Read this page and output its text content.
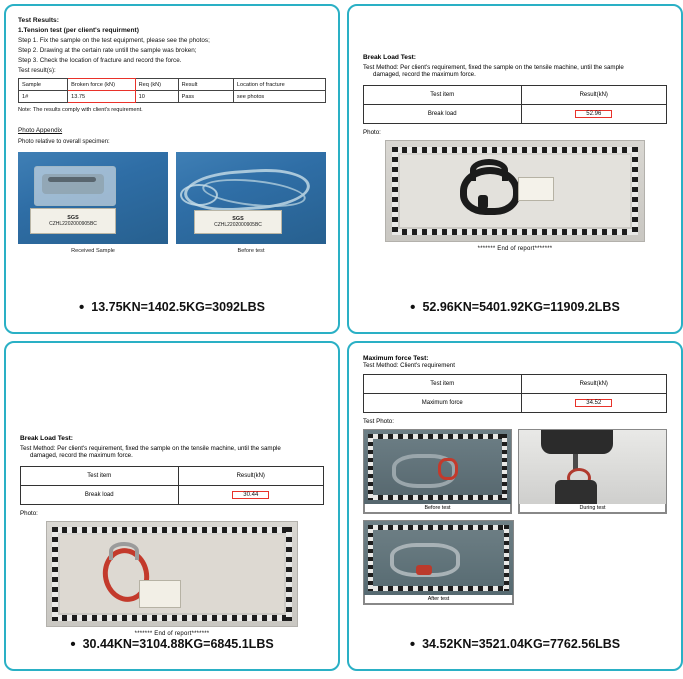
Test Results:
1.Tension test (per client's requirment)
Step 1. Fix the sample on the test equipment, please see the photos;
Step 2. Drawing at the certain rate untill the sample was broken;
Step 3. Check the location of fracture and record the force.
Test result(s):
Sample	Broken force (kN)	Req (kN)	Result	Location of fracture
1#	13.75	10	Pass	see photos
Note: The results comply with client's requirement.
Photo Appendix
Photo relative to overall specimen:
SGS
CZHL2202000905BC
Received Sample
SGS
CZHL2202000905BC
Before test
• 13.75KN=1402.5KG=3092LBS
Break Load Test:
Test Method: Per client's requirement, fixed the sample on the tensile machine, until the sample
damaged, record the maximum force.
Test item	Result(kN)
Break load	52.96
Photo:
******* End of report*******
• 52.96KN=5401.92KG=11909.2LBS
Break Load Test:
Test Method: Per client's requirement, fixed the sample on the tensile machine, until the sample
damaged, record the maximum force.
Test item	Result(kN)
Break load	30.44
Photo:
******* End of report*******
• 30.44KN=3104.88KG=6845.1LBS
Maximum force Test:
Test Method: Client's requirement
Test item	Result(kN)
Maximum force	34.52
Test Photo:
Before test	During test
After test
• 34.52KN=3521.04KG=7762.56LBS
